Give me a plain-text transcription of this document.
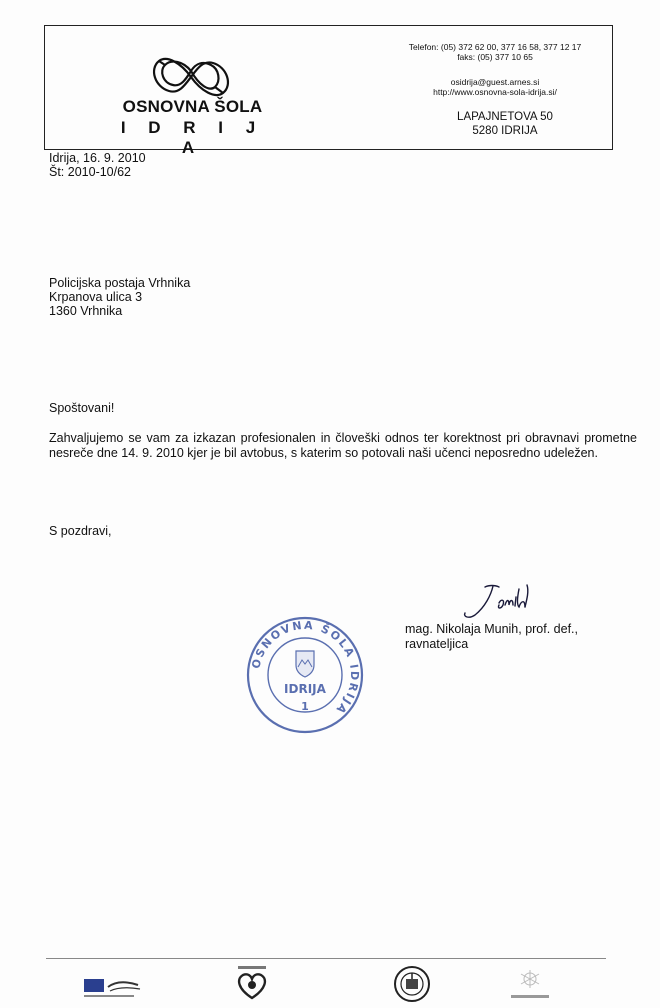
OSNOVNA ŠOLA
I D R I J A
Telefon: (05) 372 62 00, 377 16 58, 377 12 17
faks: (05) 377 10 65
osidrija@guest.arnes.si
http://www.osnovna-sola-idrija.si/
LAPAJNETOVA 50
5280 IDRIJA
Idrija, 16. 9. 2010
Št: 2010-10/62
Policijska postaja Vrhnika
Krpanova ulica 3
1360 Vrhnika
Spoštovani!
Zahvaljujemo se vam za izkazan profesionalen in človeški odnos ter korektnost pri obravnavi prometne nesreče dne 14. 9. 2010 kjer je bil avtobus, s katerim so potovali naši učenci neposredno udeležen.
S pozdravi,
mag. Nikolaja Munih, prof. def.,
ravnateljica
OSNOVNA ŠOLA IDRIJA
IDRIJA
1
